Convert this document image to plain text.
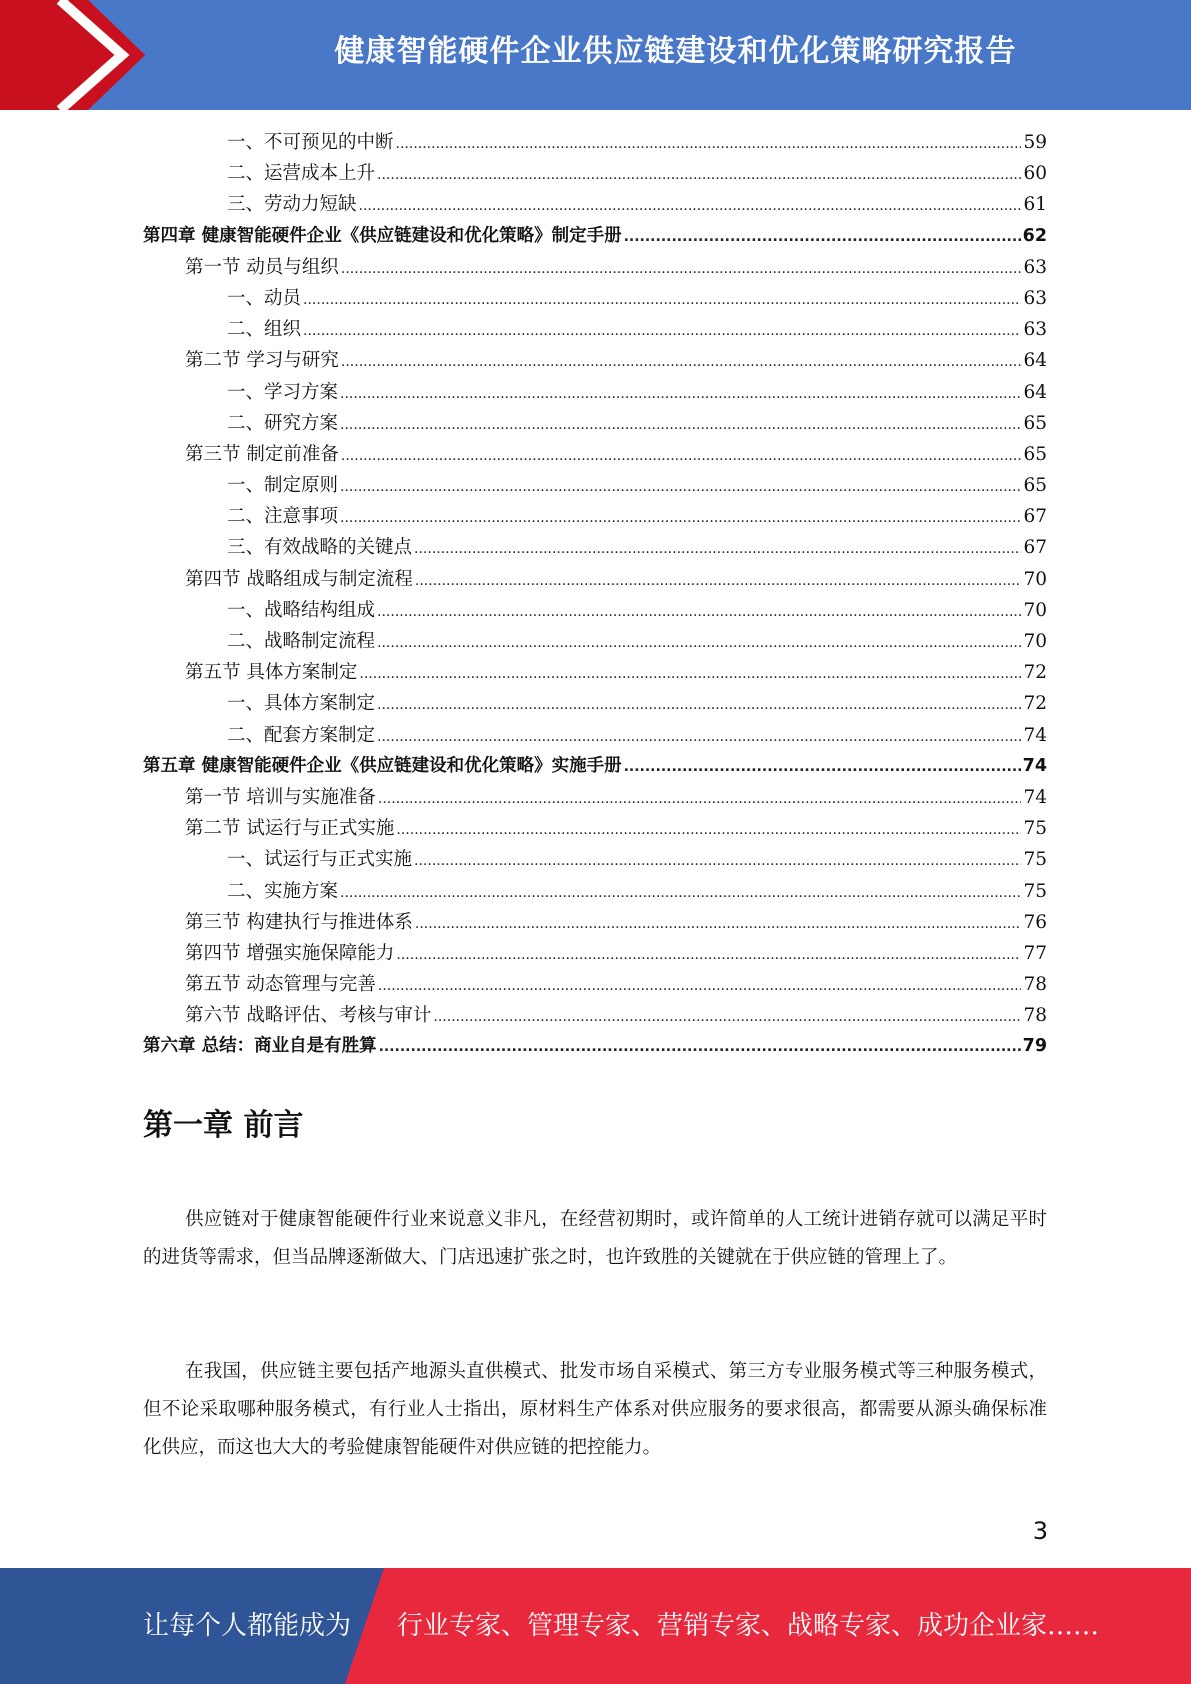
健康智能硬件企业供应链建设和优化策略研究报告
一、不可预见的中断 .....	59
二、运营成本上升 .....	60
三、劳动力短缺 .....	61
第四章 健康智能硬件企业《供应链建设和优化策略》制定手册 .....	62
第一节 动员与组织 .....	63
一、动员 .....	63
二、组织 .....	63
第二节 学习与研究 .....	64
一、学习方案 .....	64
二、研究方案 .....	65
第三节 制定前准备 .....	65
一、制定原则 .....	65
二、注意事项 .....	67
三、有效战略的关键点 .....	67
第四节 战略组成与制定流程 .....	70
一、战略结构组成 .....	70
二、战略制定流程 .....	70
第五节 具体方案制定 .....	72
一、具体方案制定 .....	72
二、配套方案制定 .....	74
第五章 健康智能硬件企业《供应链建设和优化策略》实施手册 .....	74
第一节 培训与实施准备 .....	74
第二节 试运行与正式实施 .....	75
一、试运行与正式实施 .....	75
二、实施方案 .....	75
第三节 构建执行与推进体系 .....	76
第四节 增强实施保障能力 .....	77
第五节 动态管理与完善 .....	78
第六节 战略评估、考核与审计 .....	78
第六章 总结：商业自是有胜算 .....	79
第一章 前言

供应链对于健康智能硬件行业来说意义非凡，在经营初期时，或许简单的人工统计进销存就可以满足平时的进货等需求，但当品牌逐渐做大、门店迅速扩张之时，也许致胜的关键就在于供应链的管理上了。

在我国，供应链主要包括产地源头直供模式、批发市场自采模式、第三方专业服务模式等三种服务模式，但不论采取哪种服务模式，有行业人士指出，原材料生产体系对供应服务的要求很高，都需要从源头确保标准化供应，而这也大大的考验健康智能硬件对供应链的把控能力。

3
让每个人都能成为 行业专家、管理专家、营销专家、战略专家、成功企业家……
